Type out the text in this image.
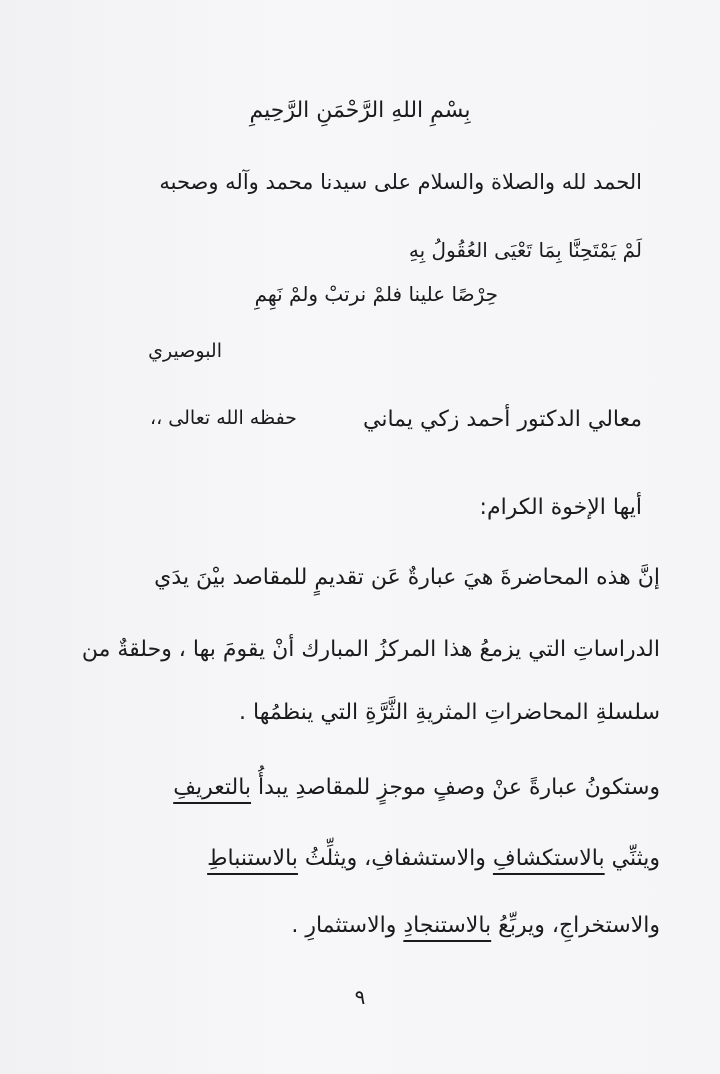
بِسْمِ اللهِ الرَّحْمَنِ الرَّحِيمِ
الحمد لله والصلاة والسلام على سيدنا محمد وآله وصحبه
لَمْ يَمْتَحِنَّا بِمَا تَعْيَى العُقُولُ بِهِ
حِرْصًا علينا فلمْ نرتبْ ولمْ نَهِمِ
البوصيري
معالي الدكتور أحمد زكي يماني
حفظه الله تعالى ،،
أيها الإخوة الكرام:
إنَّ هذه المحاضرةَ هيَ عبارةٌ عَن تقديمٍ للمقاصد بيْنَ يدَي
الدراساتِ التي يزمعُ هذا المركزُ المبارك أنْ يقومَ بها ، وحلقةٌ من
سلسلةِ المحاضراتِ المثريةِ الثَّرَّةِ التي ينظمُها .
وستكونُ عبارةً عنْ وصفٍ موجزٍ للمقاصدِ يبدأُ بالتعريفِ
ويثنِّي بالاستكشافِ والاستشفافِ، ويثلِّثُ بالاستنباطِ
والاستخراجِ، ويربِّعُ بالاستنجادِ والاستثمارِ .
٩
